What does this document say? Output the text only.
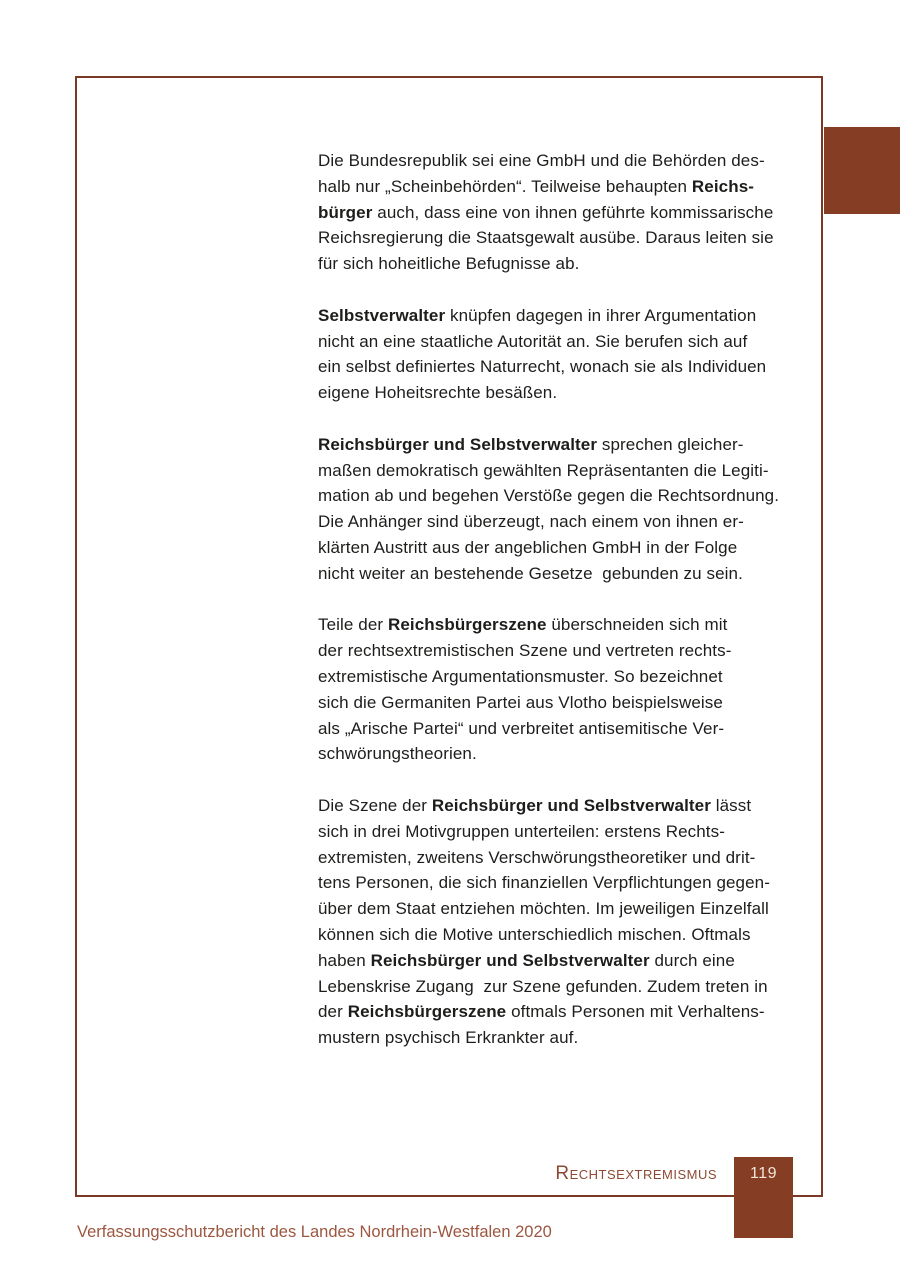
Die Bundesrepublik sei eine GmbH und die Behörden des-
halb nur „Scheinbehörden“. Teilweise behaupten Reichs-
bürger auch, dass eine von ihnen geführte kommissarische
Reichsregierung die Staatsgewalt ausübe. Daraus leiten sie
für sich hoheitliche Befugnisse ab.

Selbstverwalter knüpfen dagegen in ihrer Argumentation
nicht an eine staatliche Autorität an. Sie berufen sich auf
ein selbst definiertes Naturrecht, wonach sie als Individuen
eigene Hoheitsrechte besäßen.

Reichsbürger und Selbstverwalter sprechen gleicher-
maßen demokratisch gewählten Repräsentanten die Legiti-
mation ab und begehen Verstöße gegen die Rechtsordnung.
Die Anhänger sind überzeugt, nach einem von ihnen er-
klärten Austritt aus der angeblichen GmbH in der Folge
nicht weiter an bestehende Gesetze  gebunden zu sein.

Teile der Reichsbürgerszene überschneiden sich mit
der rechtsextremistischen Szene und vertreten rechts-
extremistische Argumentationsmuster. So bezeichnet
sich die Germaniten Partei aus Vlotho beispielsweise
als „Arische Partei“ und verbreitet antisemitische Ver-
schwörungstheorien.

Die Szene der Reichsbürger und Selbstverwalter lässt
sich in drei Motivgruppen unterteilen: erstens Rechts-
extremisten, zweitens Verschwörungstheoretiker und drit-
tens Personen, die sich finanziellen Verpflichtungen gegen-
über dem Staat entziehen möchten. Im jeweiligen Einzelfall
können sich die Motive unterschiedlich mischen. Oftmals
haben Reichsbürger und Selbstverwalter durch eine
Lebenskrise Zugang  zur Szene gefunden. Zudem treten in
der Reichsbürgerszene oftmals Personen mit Verhaltens-
mustern psychisch Erkrankter auf.

Rechtsextremismus	119
Verfassungsschutzbericht des Landes Nordrhein-Westfalen 2020
